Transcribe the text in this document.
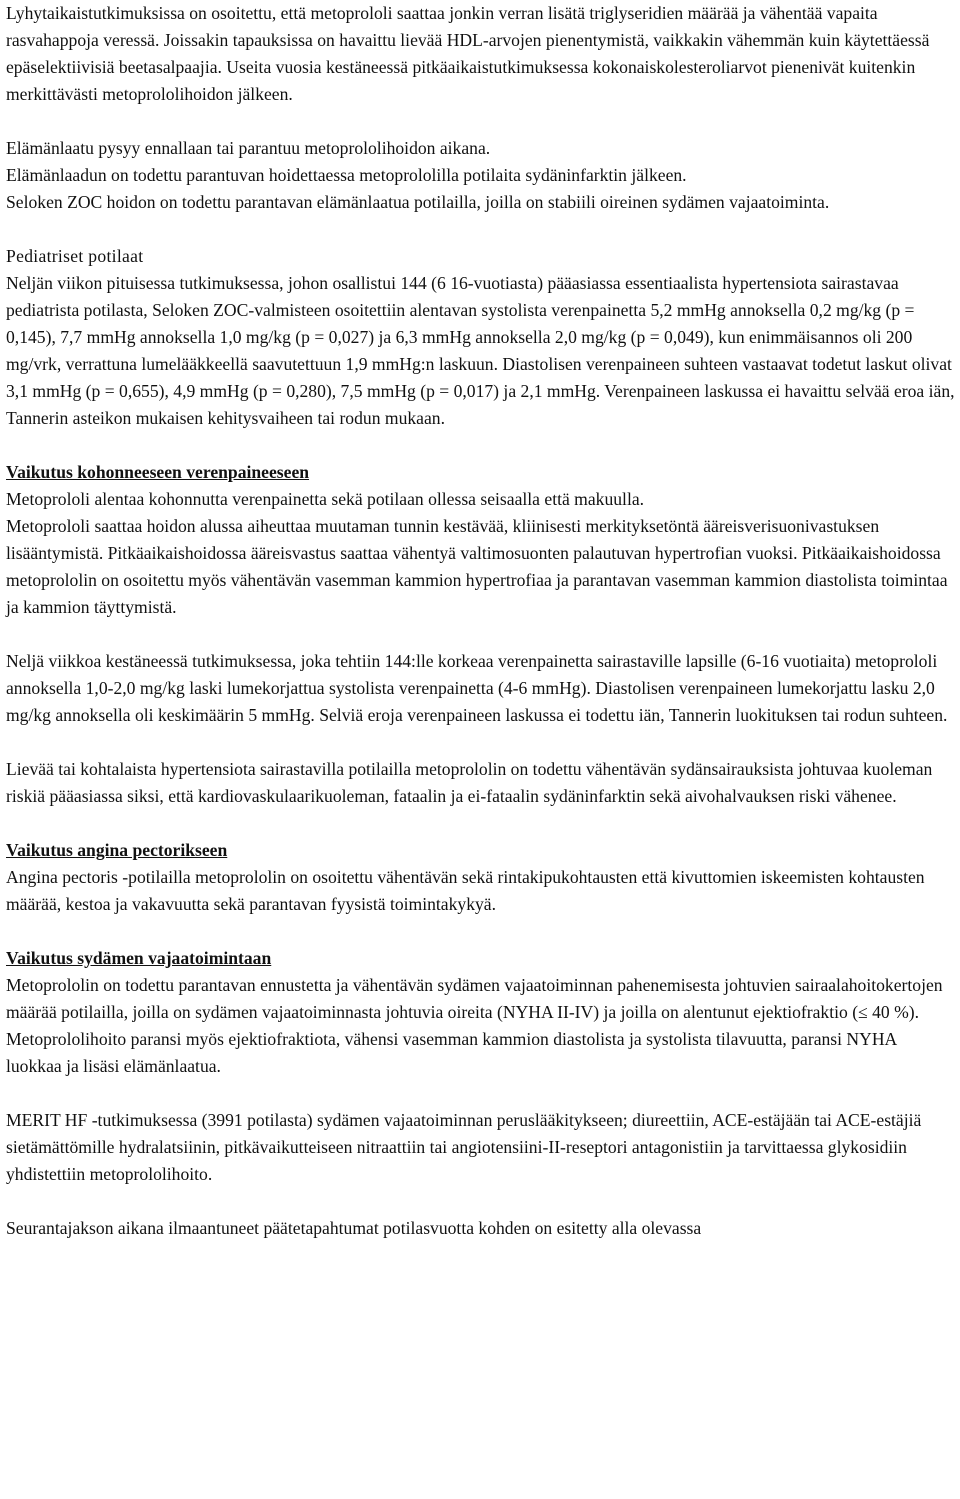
Lyhytaikaistutkimuksissa on osoitettu, että metoprololi saattaa jonkin verran lisätä triglyseridien määrää ja vähentää vapaita rasvahappoja veressä. Joissakin tapauksissa on havaittu lievää HDL-arvojen pienentymistä, vaikkakin vähemmän kuin käytettäessä epäselektiivisiä beetasalpaajia. Useita vuosia kestäneessä pitkäaikaistutkimuksessa kokonaiskolesteroliarvot pienenivät kuitenkin merkittävästi metoprololihoidon jälkeen.

Elämänlaatu pysyy ennallaan tai parantuu metoprololihoidon aikana.

Elämänlaadun on todettu parantuvan hoidettaessa metoprololilla potilaita sydäninfarktin jälkeen.

Seloken ZOC hoidon on todettu parantavan elämänlaatua potilailla, joilla on stabiili oireinen sydämen vajaatoiminta.

Pediatriset potilaat

Neljän viikon pituisessa tutkimuksessa, johon osallistui 144 (6 16-vuotiasta) pääasiassa essentiaalista hypertensiota sairastavaa pediatrista potilasta, Seloken ZOC-valmisteen osoitettiin alentavan systolista verenpainetta 5,2 mmHg annoksella 0,2 mg/kg (p = 0,145), 7,7 mmHg annoksella 1,0 mg/kg (p = 0,027) ja 6,3 mmHg annoksella 2,0 mg/kg (p = 0,049), kun enimmäisannos oli 200 mg/vrk, verrattuna lumelääkkeellä saavutettuun 1,9 mmHg:n laskuun. Diastolisen verenpaineen suhteen vastaavat todetut laskut olivat 3,1 mmHg (p = 0,655), 4,9 mmHg (p = 0,280), 7,5 mmHg (p = 0,017) ja 2,1 mmHg. Verenpaineen laskussa ei havaittu selvää eroa iän, Tannerin asteikon mukaisen kehitysvaiheen tai rodun mukaan.

Vaikutus kohonneeseen verenpaineeseen

Metoprololi alentaa kohonnutta verenpainetta sekä potilaan ollessa seisaalla että makuulla.

Metoprololi saattaa hoidon alussa aiheuttaa muutaman tunnin kestävää, kliinisesti merkityksetöntä ääreisverisuonivastuksen lisääntymistä. Pitkäaikaishoidossa ääreisvastus saattaa vähentyä valtimosuonten palautuvan hypertrofian vuoksi. Pitkäaikaishoidossa metoprololin on osoitettu myös vähentävän vasemman kammion hypertrofiaa ja parantavan vasemman kammion diastolista toimintaa ja kammion täyttymistä.

Neljä viikkoa kestäneessä tutkimuksessa, joka tehtiin 144:lle korkeaa verenpainetta sairastaville lapsille (6-16 vuotiaita) metoprololi annoksella 1,0-2,0 mg/kg laski lumekorjattua systolista verenpainetta (4-6 mmHg). Diastolisen verenpaineen lumekorjattu lasku 2,0 mg/kg annoksella oli keskimäärin 5 mmHg. Selviä eroja verenpaineen laskussa ei todettu iän, Tannerin luokituksen tai rodun suhteen.

Lievää tai kohtalaista hypertensiota sairastavilla potilailla metoprololin on todettu vähentävän sydänsairauksista johtuvaa kuoleman riskiä pääasiassa siksi, että kardiovaskulaarikuoleman, fataalin ja ei-fataalin sydäninfarktin sekä aivohalvauksen riski vähenee.

Vaikutus angina pectorikseen

Angina pectoris -potilailla metoprololin on osoitettu vähentävän sekä rintakipukohtausten että kivuttomien iskeemisten kohtausten määrää, kestoa ja vakavuutta sekä parantavan fyysistä toimintakykyä.

Vaikutus sydämen vajaatoimintaan

Metoprololin on todettu parantavan ennustetta ja vähentävän sydämen vajaatoiminnan pahenemisesta johtuvien sairaalahoitokertojen määrää potilailla, joilla on sydämen vajaatoiminnasta johtuvia oireita (NYHA II-IV) ja joilla on alentunut ejektiofraktio (≤ 40 %). Metoprololihoito paransi myös ejektiofraktiota, vähensi vasemman kammion diastolista ja systolista tilavuutta, paransi NYHA luokkaa ja lisäsi elämänlaatua.

MERIT HF -tutkimuksessa (3991 potilasta) sydämen vajaatoiminnan peruslääkitykseen; diureettiin, ACE-estäjään tai ACE-estäjiä sietämättömille hydralatsiinin, pitkävaikutteiseen nitraattiin tai angiotensiini-II-reseptori antagonistiin ja tarvittaessa glykosidiin yhdistettiin metoprololihoito.

Seurantajakson aikana ilmaantuneet päätetapahtumat potilasvuotta kohden on esitetty alla olevassa
